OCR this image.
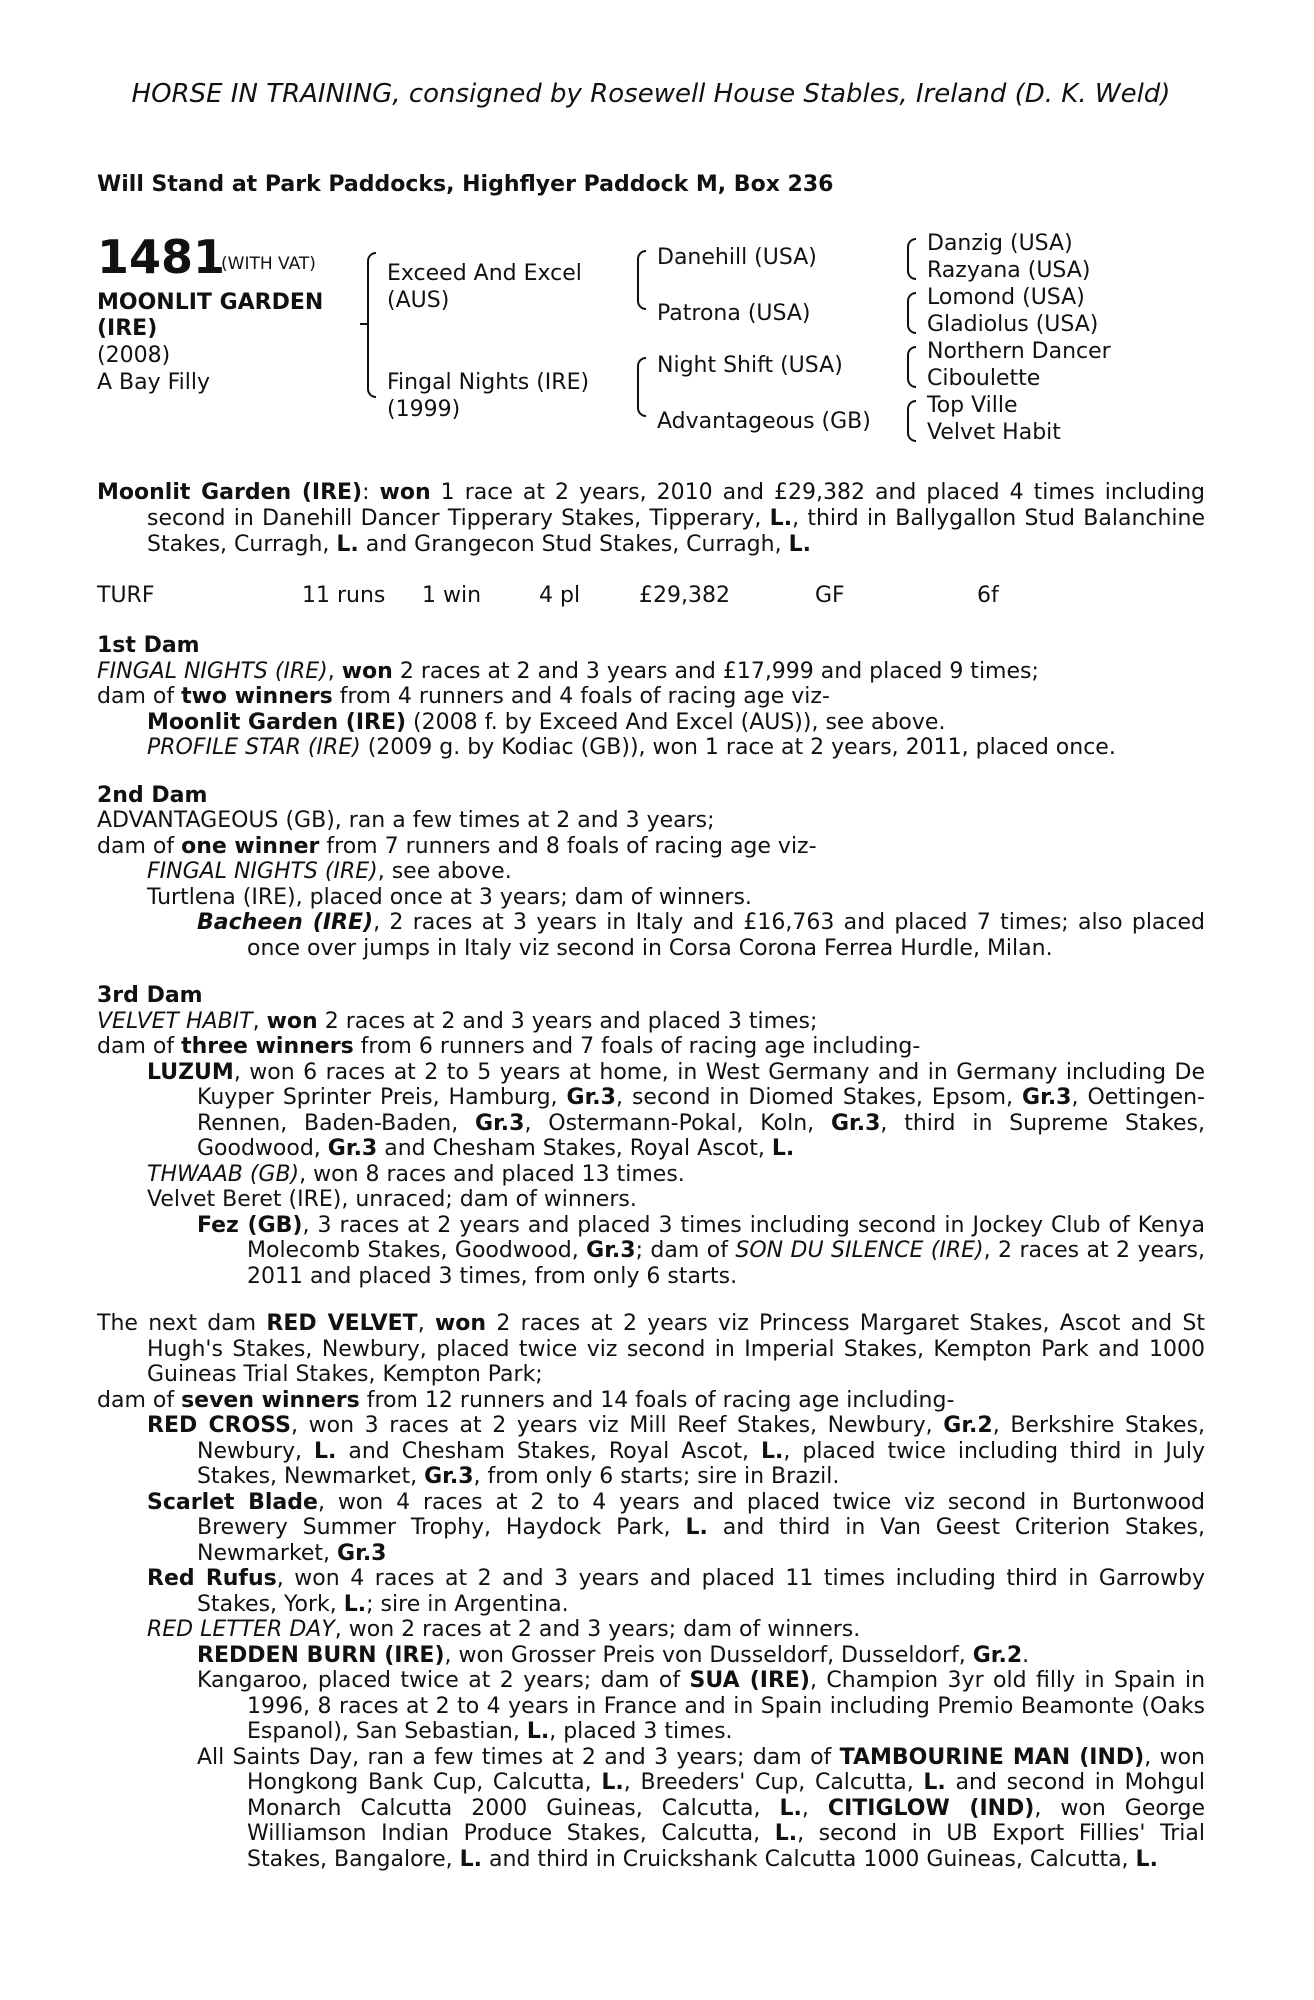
HORSE IN TRAINING, consigned by Rosewell House Stables, Ireland (D. K. Weld)
Will Stand at Park Paddocks, Highflyer Paddock M, Box 236
1481
(WITH VAT)
MOONLIT GARDEN
(IRE)
(2008)
A Bay Filly
Exceed And Excel
(AUS)
Fingal Nights (IRE)
(1999)
Danehill (USA)
Patrona (USA)
Night Shift (USA)
Advantageous (GB)
Danzig (USA)
Razyana (USA)
Lomond (USA)
Gladiolus (USA)
Northern Dancer
Ciboulette
Top Ville
Velvet Habit
Moonlit Garden (IRE): won 1 race at 2 years, 2010 and £29,382 and placed 4 times including second in Danehill Dancer Tipperary Stakes, Tipperary, L., third in Ballygallon Stud Balanchine Stakes, Curragh, L. and Grangecon Stud Stakes, Curragh, L.
TURF	11 runs 1 win	4 pl	£29,382	GF	6f

1st Dam

FINGAL NIGHTS (IRE), won 2 races at 2 and 3 years and £17,999 and placed 9 times;

dam of two winners from 4 runners and 4 foals of racing age viz-

Moonlit Garden (IRE) (2008 f. by Exceed And Excel (AUS)), see above.

PROFILE STAR (IRE) (2009 g. by Kodiac (GB)), won 1 race at 2 years, 2011, placed once.

2nd Dam

ADVANTAGEOUS (GB), ran a few times at 2 and 3 years;

dam of one winner from 7 runners and 8 foals of racing age viz-

FINGAL NIGHTS (IRE), see above.

Turtlena (IRE), placed once at 3 years; dam of winners.

Bacheen (IRE), 2 races at 3 years in Italy and £16,763 and placed 7 times; also placed once over jumps in Italy viz second in Corsa Corona Ferrea Hurdle, Milan.

3rd Dam

VELVET HABIT, won 2 races at 2 and 3 years and placed 3 times;

dam of three winners from 6 runners and 7 foals of racing age including-

LUZUM, won 6 races at 2 to 5 years at home, in West Germany and in Germany including De Kuyper Sprinter Preis, Hamburg, Gr.3, second in Diomed Stakes, Epsom, Gr.3, Oettingen-Rennen, Baden-Baden, Gr.3, Ostermann-Pokal, Koln, Gr.3, third in Supreme Stakes, Goodwood, Gr.3 and Chesham Stakes, Royal Ascot, L.

THWAAB (GB), won 8 races and placed 13 times.

Velvet Beret (IRE), unraced; dam of winners.

Fez (GB), 3 races at 2 years and placed 3 times including second in Jockey Club of Kenya Molecomb Stakes, Goodwood, Gr.3; dam of SON DU SILENCE (IRE), 2 races at 2 years, 2011 and placed 3 times, from only 6 starts.

The next dam RED VELVET, won 2 races at 2 years viz Princess Margaret Stakes, Ascot and St Hugh's Stakes, Newbury, placed twice viz second in Imperial Stakes, Kempton Park and 1000 Guineas Trial Stakes, Kempton Park;

dam of seven winners from 12 runners and 14 foals of racing age including-

RED CROSS, won 3 races at 2 years viz Mill Reef Stakes, Newbury, Gr.2, Berkshire Stakes, Newbury, L. and Chesham Stakes, Royal Ascot, L., placed twice including third in July Stakes, Newmarket, Gr.3, from only 6 starts; sire in Brazil.

Scarlet Blade, won 4 races at 2 to 4 years and placed twice viz second in Burtonwood Brewery Summer Trophy, Haydock Park, L. and third in Van Geest Criterion Stakes, Newmarket, Gr.3

Red Rufus, won 4 races at 2 and 3 years and placed 11 times including third in Garrowby Stakes, York, L.; sire in Argentina.

RED LETTER DAY, won 2 races at 2 and 3 years; dam of winners.

REDDEN BURN (IRE), won Grosser Preis von Dusseldorf, Dusseldorf, Gr.2.

Kangaroo, placed twice at 2 years; dam of SUA (IRE), Champion 3yr old filly in Spain in 1996, 8 races at 2 to 4 years in France and in Spain including Premio Beamonte (Oaks Espanol), San Sebastian, L., placed 3 times.

All Saints Day, ran a few times at 2 and 3 years; dam of TAMBOURINE MAN (IND), won Hongkong Bank Cup, Calcutta, L., Breeders' Cup, Calcutta, L. and second in Mohgul Monarch Calcutta 2000 Guineas, Calcutta, L., CITIGLOW (IND), won George Williamson Indian Produce Stakes, Calcutta, L., second in UB Export Fillies' Trial Stakes, Bangalore, L. and third in Cruickshank Calcutta 1000 Guineas, Calcutta, L.
